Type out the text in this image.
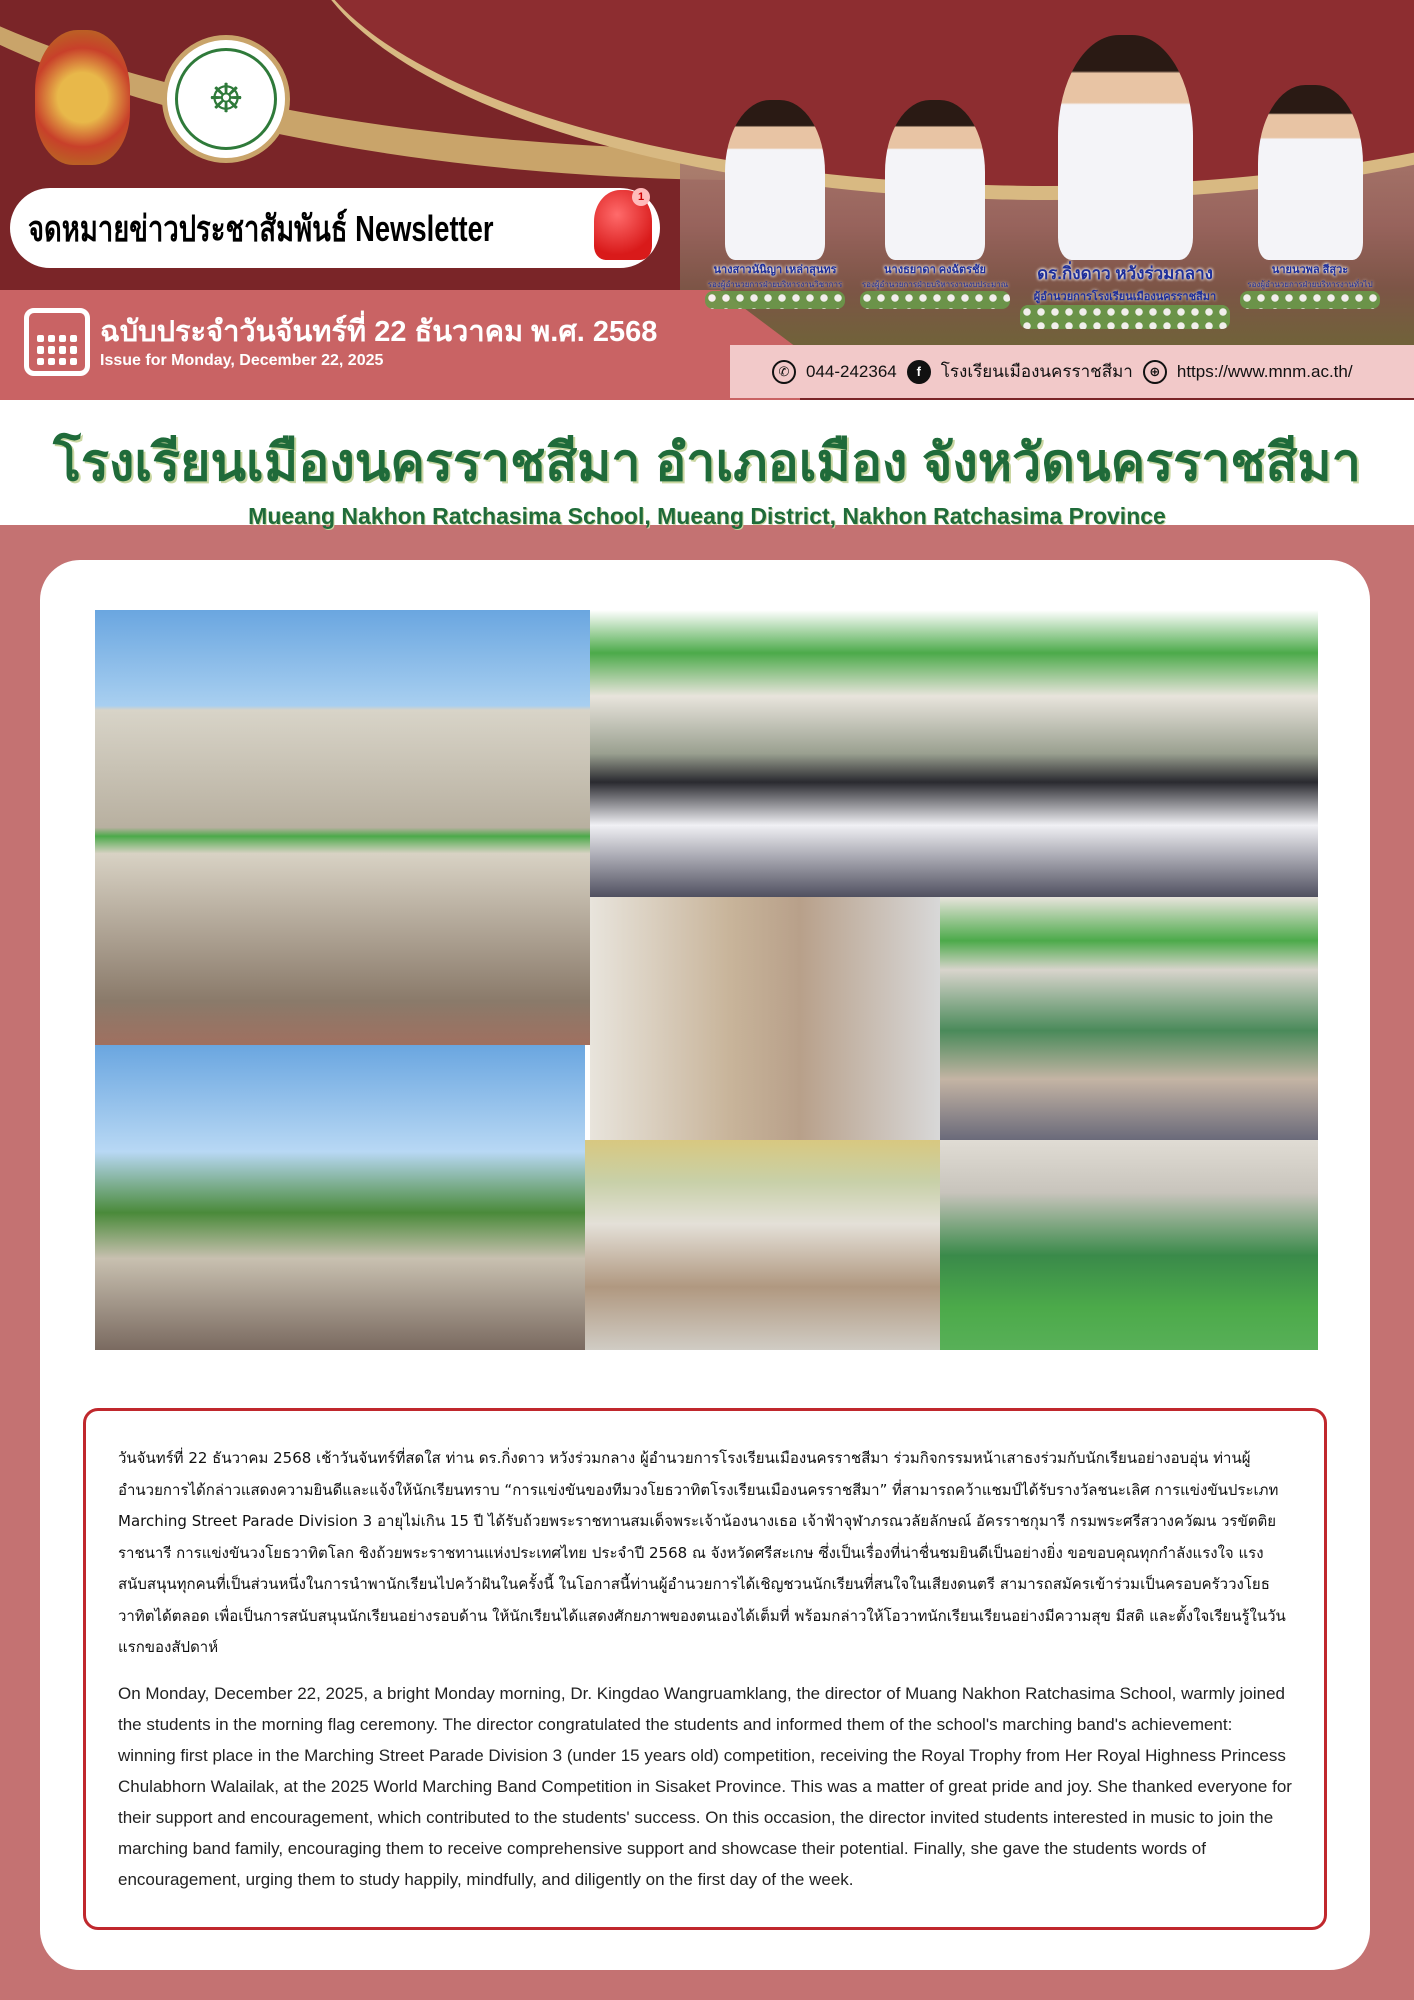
☸
จดหมายข่าวประชาสัมพันธ์ Newsletter
1
ฉบับประจำวันจันทร์ที่ 22 ธันวาคม พ.ศ. 2568
Issue for Monday, December 22, 2025
นางสาวนันิญา เหล่าสุนทร
รองผู้อำนวยการฝ่ายบริหารงานวิชาการ
นางธยาดา คงฉัตรชัย
รองผู้อำนวยการฝ่ายบริหารงานงบประมาณ
ดร.กิ่งดาว หวังร่วมกลาง
ผู้อำนวยการโรงเรียนเมืองนครราชสีมา
นายนวพล สีสุวะ
รองผู้อำนวยการฝ่ายบริหารงานทั่วไป
✆ 044-242364	f	โรงเรียนเมืองนครราชสีมา	⊕ https://www.mnm.ac.th/
โรงเรียนเมืองนครราชสีมา อำเภอเมือง จังหวัดนครราชสีมา
Mueang Nakhon Ratchasima School, Mueang District, Nakhon Ratchasima Province

วันจันทร์ที่ 22 ธันวาคม 2568 เช้าวันจันทร์ที่สดใส ท่าน ดร.กิ่งดาว หวังร่วมกลาง ผู้อำนวยการโรงเรียนเมืองนครราชสีมา ร่วมกิจกรรมหน้าเสาธงร่วมกับนักเรียนอย่างอบอุ่น ท่านผู้อำนวยการได้กล่าวแสดงความยินดีและแจ้งให้นักเรียนทราบ “การแข่งขันของทีมวงโยธวาทิตโรงเรียนเมืองนครราชสีมา” ที่สามารถคว้าแชมป์ได้รับรางวัลชนะเลิศ การแข่งขันประเภท Marching Street Parade Division 3 อายุไม่เกิน 15 ปี ได้รับถ้วยพระราชทานสมเด็จพระเจ้าน้องนางเธอ เจ้าฟ้าจุฬาภรณวลัยลักษณ์ อัครราชกุมารี กรมพระศรีสวางควัฒน วรขัตติยราชนารี การแข่งขันวงโยธวาทิตโลก ชิงถ้วยพระราชทานแห่งประเทศไทย ประจำปี 2568 ณ จังหวัดศรีสะเกษ ซึ่งเป็นเรื่องที่น่าชื่นชมยินดีเป็นอย่างยิ่ง ขอขอบคุณทุกกำลังแรงใจ แรงสนับสนุนทุกคนที่เป็นส่วนหนึ่งในการนำพานักเรียนไปคว้าฝันในครั้งนี้ ในโอกาสนี้ท่านผู้อำนวยการได้เชิญชวนนักเรียนที่สนใจในเสียงดนตรี สามารถสมัครเข้าร่วมเป็นครอบครัววงโยธวาทิตได้ตลอด เพื่อเป็นการสนับสนุนนักเรียนอย่างรอบด้าน ให้นักเรียนได้แสดงศักยภาพของตนเองได้เต็มที่ พร้อมกล่าวให้โอวาทนักเรียนเรียนอย่างมีความสุข มีสติ และตั้งใจเรียนรู้ในวันแรกของสัปดาห์

On Monday, December 22, 2025, a bright Monday morning, Dr. Kingdao Wangruamklang, the director of Muang Nakhon Ratchasima School, warmly joined the students in the morning flag ceremony. The director congratulated the students and informed them of the school's marching band's achievement: winning first place in the Marching Street Parade Division 3 (under 15 years old) competition, receiving the Royal Trophy from Her Royal Highness Princess Chulabhorn Walailak, at the 2025 World Marching Band Competition in Sisaket Province. This was a matter of great pride and joy. She thanked everyone for their support and encouragement, which contributed to the students' success. On this occasion, the director invited students interested in music to join the marching band family, encouraging them to receive comprehensive support and showcase their potential. Finally, she gave the students words of encouragement, urging them to study happily, mindfully, and diligently on the first day of the week.
